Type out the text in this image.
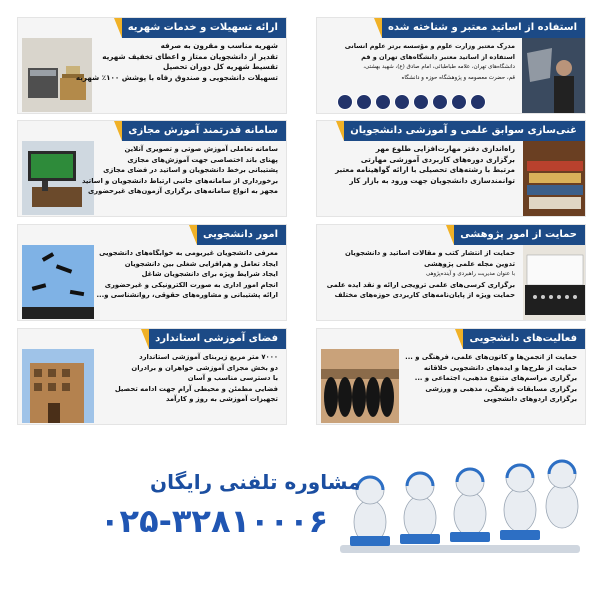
ارائه تسهیلات و خدمات شهریه
شهریه مناسب و مقرون به صرفه
تقدیر از دانشجویان ممتاز و اعطای تخفیف شهریه
تقسیط شهریه کل دوران تحصیل
تسهیلات دانشجویی و صندوق رفاه با پوشش ۱۰۰٪ شهریه
استفاده از اساتید معتبر و شناخته شده
مدرک معتبر وزارت علوم و مؤسسه برتر علوم انسانی
استفاده از اساتید معتبر دانشگاه‌های تهران و قم
دانشگاه‌های تهران، علامه طباطبائی، امام صادق (ع)، شهید بهشتی،
قم، حضرت معصومه و پژوهشگاه حوزه و دانشگاه
سامانه قدرتمند آموزش مجازی
سامانه تعاملی آموزش صوتی و تصویری آنلاین
پهنای باند اختصاصی جهت آموزش‌های مجازی
پشتیبانی برخط دانشجویان و اساتید در فضای مجازی
برخورداری از سامانه‌های جانبی ارتباط دانشجویان و اساتید
مجهز به انواع سامانه‌های برگزاری آزمون‌های غیرحضوری
غنی‌سازی سوابق علمی و آموزشی دانشجویان
راه‌اندازی دفتر مهارت‌افزایی طلوع مهر
برگزاری دوره‌های کاربردی آموزشی مهارتی
مرتبط با رشته‌های تحصیلی با ارائه گواهینامه معتبر
توانمندسازی دانشجویان جهت ورود به بازار کار
امور دانشجویی
معرفی دانشجویان غیربومی به خوابگاه‌های دانشجویی
ایجاد تعامل و هم‌افزایی شغلی بین دانشجویان
ایجاد شرایط ویژه برای دانشجویان شاغل
انجام امور اداری به صورت الکترونیکی و غیرحضوری
ارائه پشتیبانی و مشاوره‌های حقوقی، روانشناسی و...
حمایت از امور پژوهشی
حمایت از انتشار کتب و مقالات اساتید و دانشجویان
تدوین مجله علمی پژوهشی
با عنوان مدیریت راهبردی و آینده‌پژوهی
برگزاری کرسی‌های علمی ترویجی ارائه و نقد ایده علمی
حمایت ویژه از پایان‌نامه‌های کاربردی حوزه‌های مختلف
فضای آموزشی استاندارد
۷۰۰۰ متر مربع زیربنای آموزشی استاندارد
دو بخش مجزای آموزشی خواهران و برادران
با دسترسی مناسب و آسان
فضایی مطمئن و محیطی آرام جهت ادامه تحصیل
تجهیزات آموزشی به روز و کارآمد
فعالیت‌های دانشجویی
حمایت از انجمن‌ها و کانون‌های علمی، فرهنگی و ...
حمایت از طرح‌ها و ایده‌های دانشجویی خلاقانه
برگزاری مراسم‌های متنوع مذهبی، اجتماعی و ...
برگزاری مسابقات فرهنگی، مذهبی و ورزشی
برگزاری اردوهای دانشجویی
مشاوره تلفنی رایگان
۰۲۵-۳۲۸۱۰۰۰۶
